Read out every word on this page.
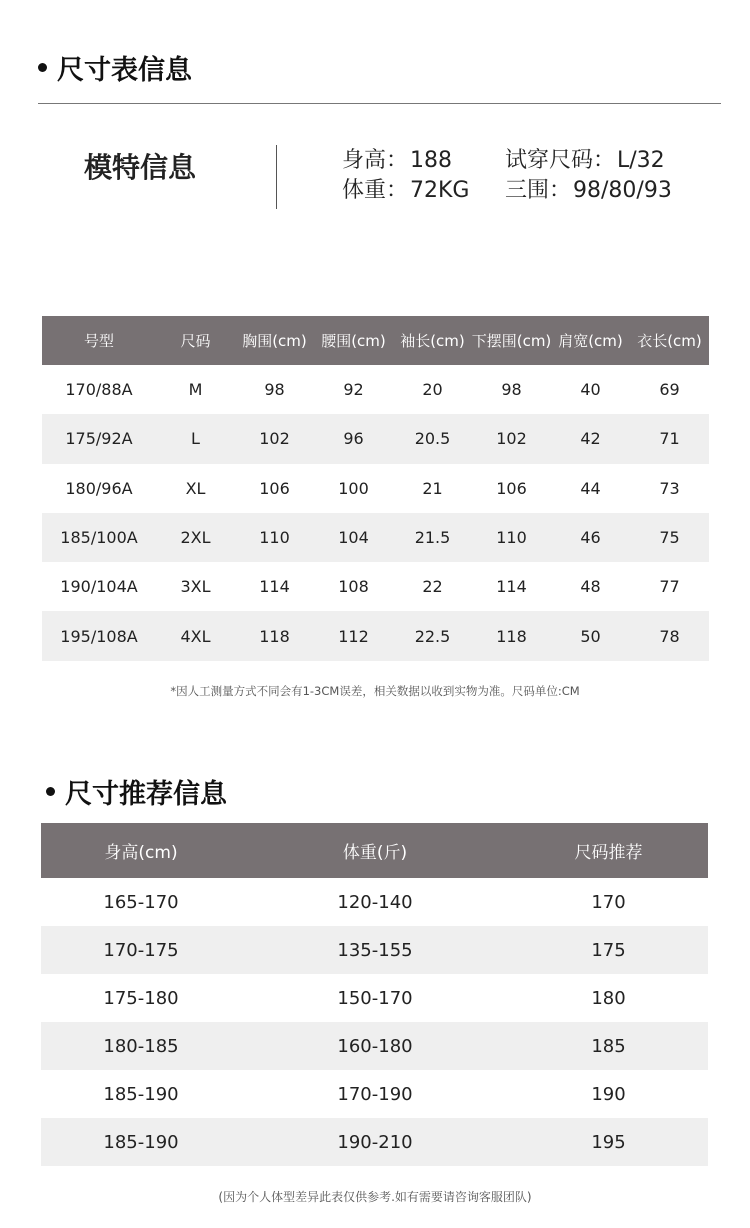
尺寸表信息
模特信息	身高：188 试穿尺码：L/32
体重：72KG 三围：98/80/93
号型	尺码	胸围(cm) 腰围(cm) 袖长(cm) 下摆围(cm) 肩宽(cm) 衣长(cm)
170/88A	M	98	92	20	98	40	69
175/92A	L	102	96	20.5	102	42	71
180/96A	XL	106	100	21	106	44	73
185/100A	2XL	110	104	21.5	110	46	75
190/104A	3XL	114	108	22	114	48	77
195/108A	4XL	118	112	22.5	118	50	78
*因人工测量方式不同会有1-3CM误差，相关数据以收到实物为准。尺码单位:CM
尺寸推荐信息
身高(cm)	体重(斤)	尺码推荐
165-170	120-140	170
170-175	135-155	175
175-180	150-170	180
180-185	160-180	185
185-190	170-190	190
185-190	190-210	195
(因为个人体型差异此表仅供参考.如有需要请咨询客服团队)
